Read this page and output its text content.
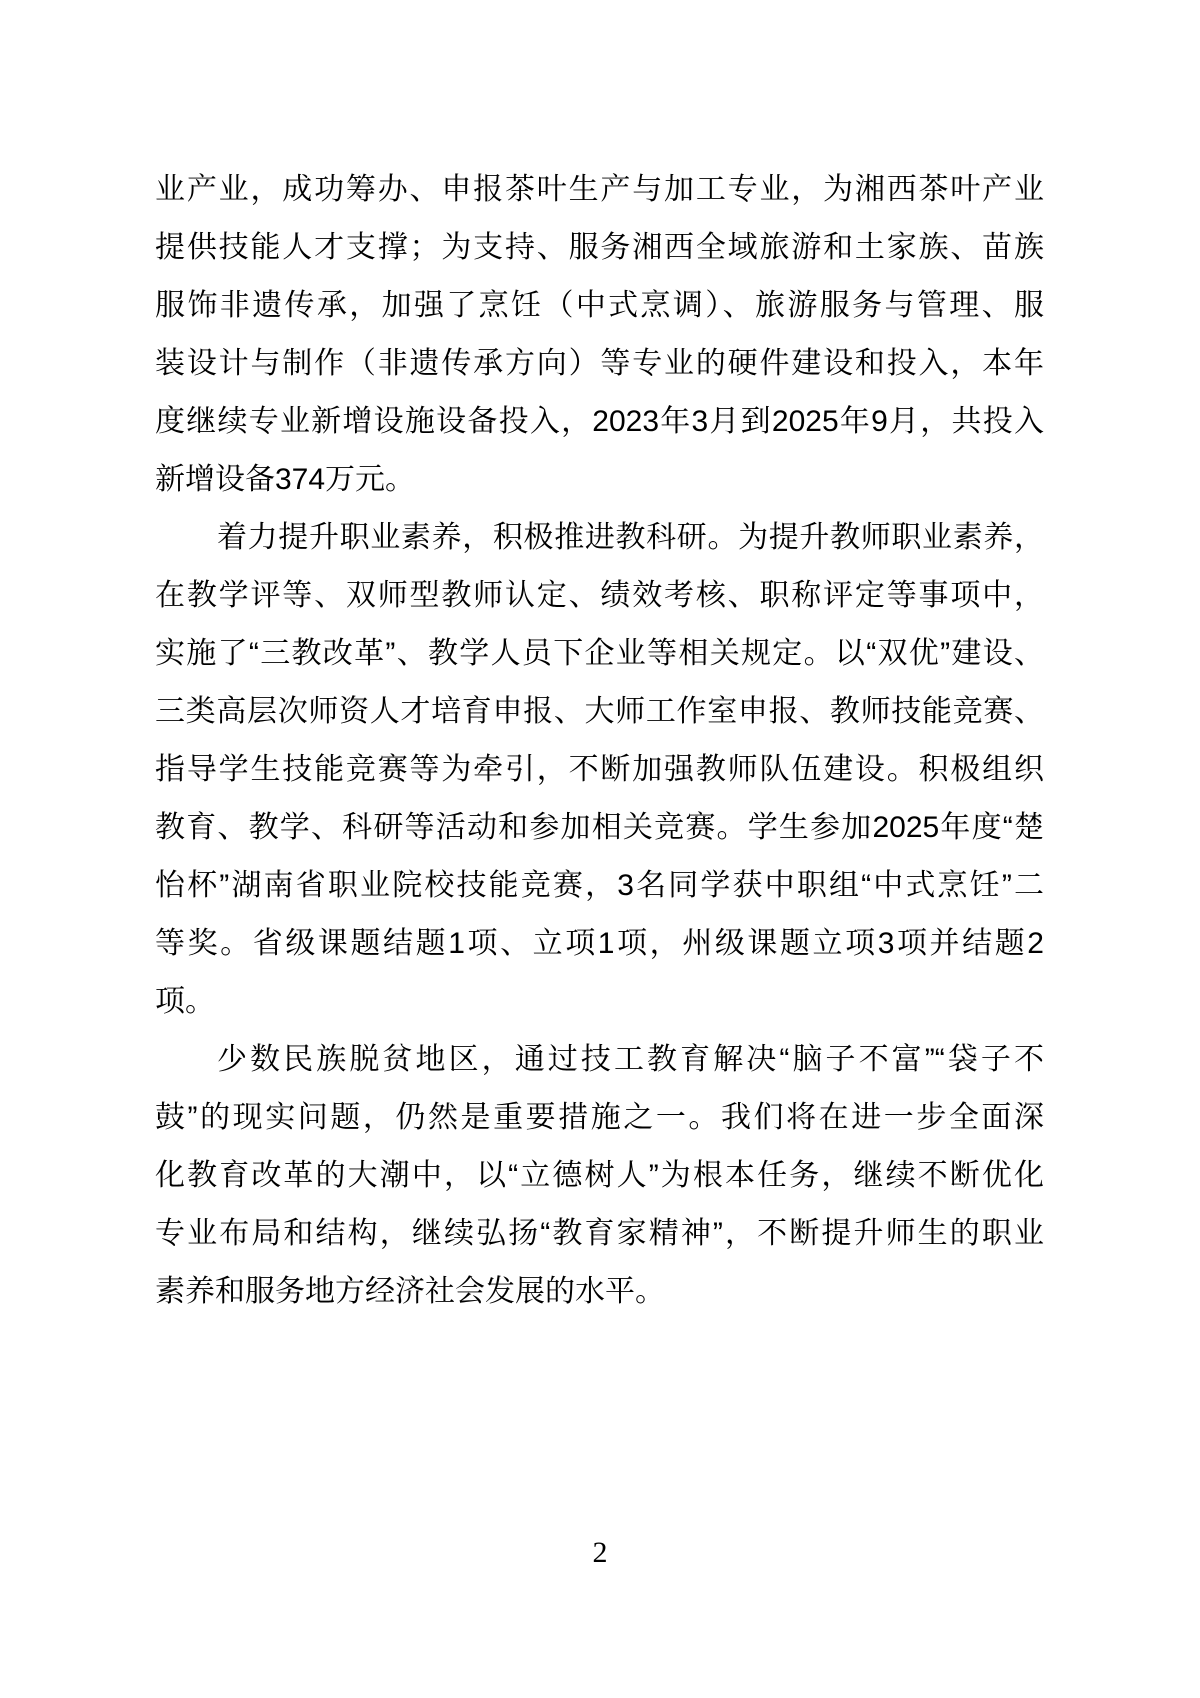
业产业，成功筹办、申报茶叶生产与加工专业，为湘西茶叶产业
提供技能人才支撑；为支持、服务湘西全域旅游和土家族、苗族
服饰非遗传承，加强了烹饪（中式烹调）、旅游服务与管理、服
装设计与制作（非遗传承方向）等专业的硬件建设和投入，本年
度继续专业新增设施设备投入，2023年3月到2025年9月，共投入
新增设备374万元。
着力提升职业素养，积极推进教科研。为提升教师职业素养，
在教学评等、双师型教师认定、绩效考核、职称评定等事项中，
实施了“三教改革”、教学人员下企业等相关规定。以“双优”建设、
三类高层次师资人才培育申报、大师工作室申报、教师技能竞赛、
指导学生技能竞赛等为牵引，不断加强教师队伍建设。积极组织
教育、教学、科研等活动和参加相关竞赛。学生参加2025年度“楚
怡杯”湖南省职业院校技能竞赛，3名同学获中职组“中式烹饪”二
等奖。省级课题结题1项、立项1项，州级课题立项3项并结题2
项。
少数民族脱贫地区，通过技工教育解决“脑子不富”“袋子不
鼓”的现实问题，仍然是重要措施之一。我们将在进一步全面深
化教育改革的大潮中，以“立德树人”为根本任务，继续不断优化
专业布局和结构，继续弘扬“教育家精神”，不断提升师生的职业
素养和服务地方经济社会发展的水平。
2
